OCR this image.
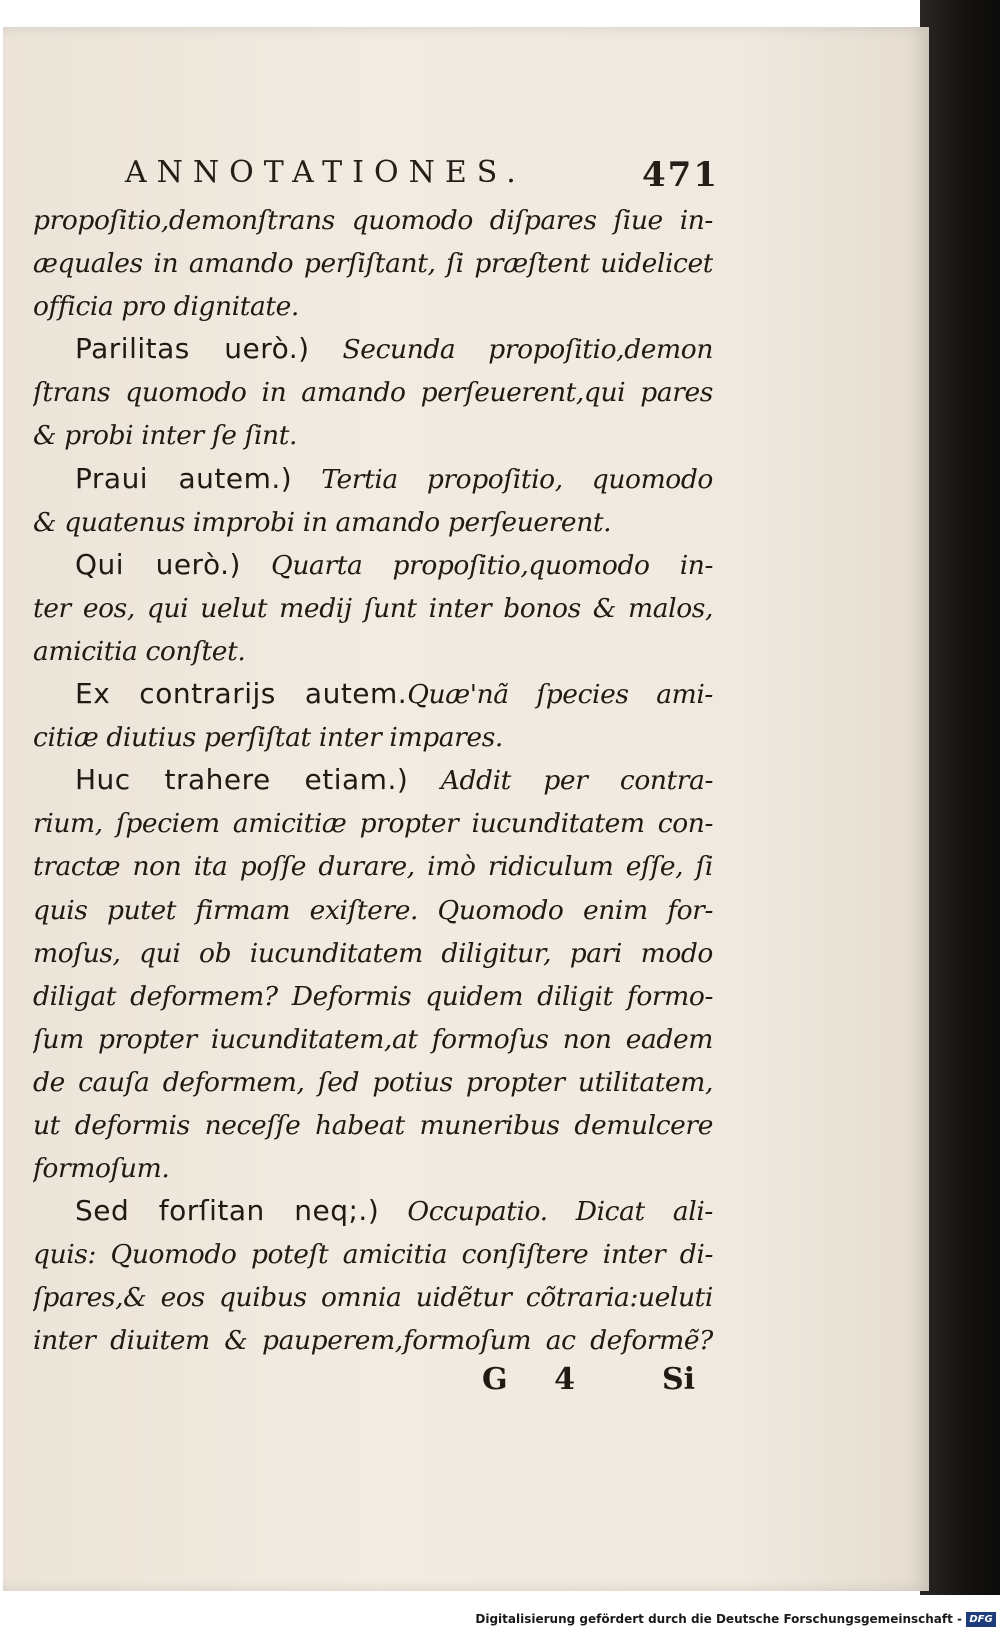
ANNOTATIONES.	471
propoſitio,demonſtrans quomodo diſpares ſiue in-
æquales in amando perſiſtant, ſi præſtent uidelicet
officia pro dignitate.
Parilitas uerò.) Secunda propoſitio,demon
ſtrans quomodo in amando perſeuerent,qui pares
& probi inter ſe ſint.
Praui autem.) Tertia propoſitio, quomodo
& quatenus improbi in amando perſeuerent.
Qui uerò.) Quarta propoſitio,quomodo in-
ter eos, qui uelut medij ſunt inter bonos & malos,
amicitia conſtet.
Ex contrarijs autem.Quæ'nã ſpecies ami-
citiæ diutius perſiſtat inter impares.
Huc trahere etiam.) Addit per contra-
rium, ſpeciem amicitiæ propter iucunditatem con-
tractæ non ita poſſe durare, imò ridiculum eſſe, ſi
quis putet firmam exiſtere. Quomodo enim for-
moſus, qui ob iucunditatem diligitur, pari modo
diligat deformem? Deformis quidem diligit formo-
ſum propter iucunditatem,at formoſus non eadem
de cauſa deformem, ſed potius propter utilitatem,
ut deformis neceſſe habeat muneribus demulcere
formoſum.
Sed forſitan neq;.) Occupatio. Dicat ali-
quis: Quomodo poteſt amicitia conſiſtere inter di-
ſpares,& eos quibus omnia uidẽtur cõtraria:ueluti
inter diuitem & pauperem,formoſum ac deformẽ?
G 4 Si
Digitalisierung gefördert durch die Deutsche Forschungsgemeinschaft - DFG
